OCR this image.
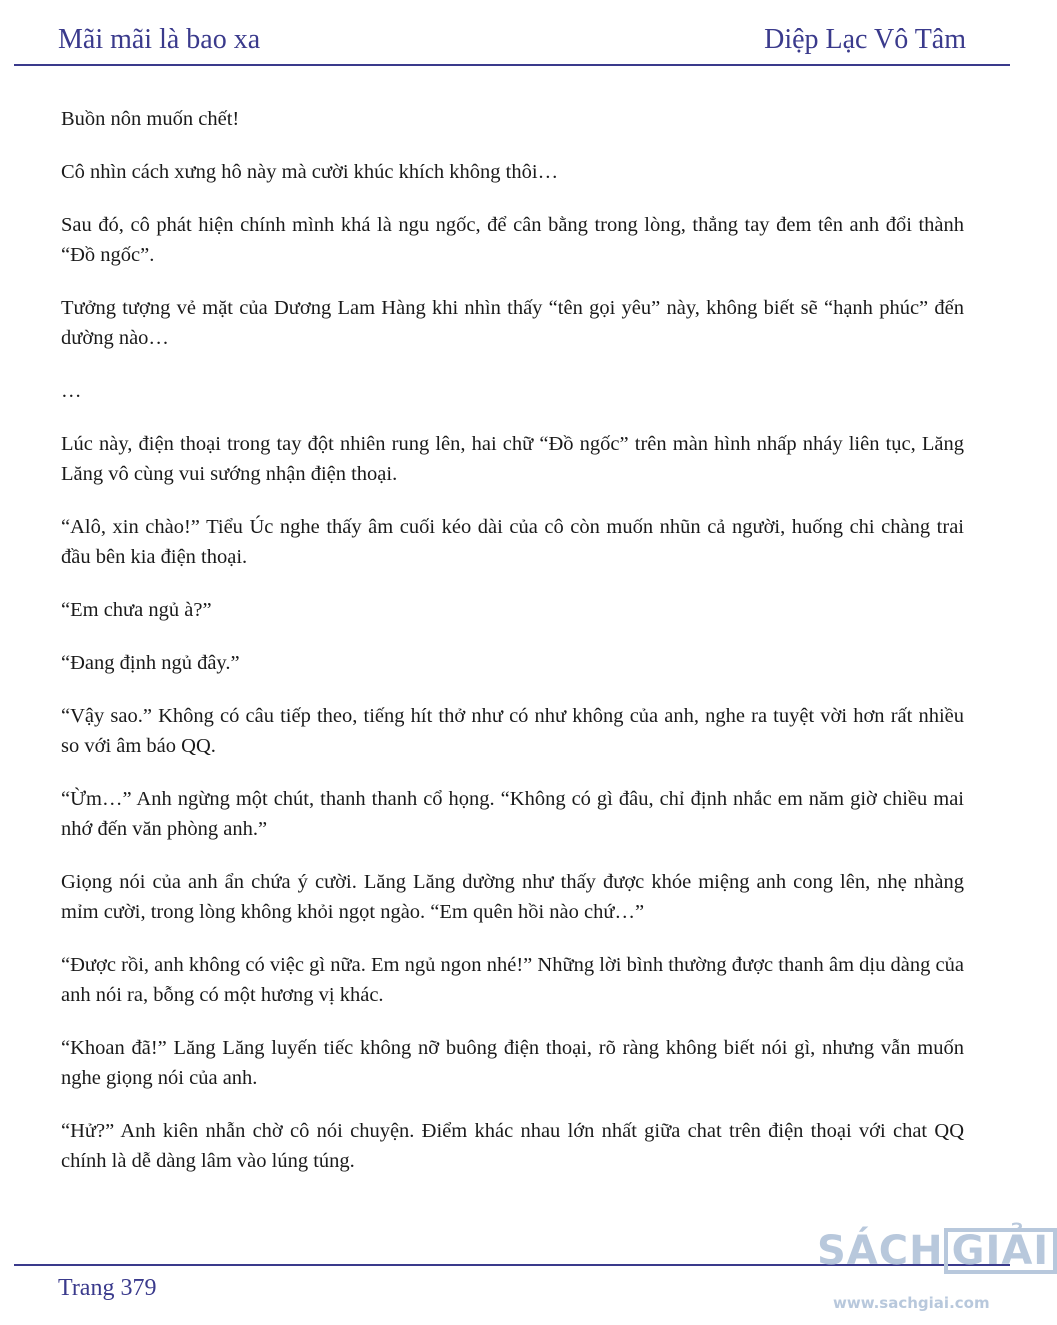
Mãi mãi là bao xa	Diệp Lạc Vô Tâm

Buồn nôn muốn chết!

Cô nhìn cách xưng hô này mà cười khúc khích không thôi…

Sau đó, cô phát hiện chính mình khá là ngu ngốc, để cân bằng trong lòng, thẳng tay đem tên anh đổi thành “Đồ ngốc”.

Tưởng tượng vẻ mặt của Dương Lam Hàng khi nhìn thấy “tên gọi yêu” này, không biết sẽ “hạnh phúc” đến dường nào…

…

Lúc này, điện thoại trong tay đột nhiên rung lên, hai chữ “Đồ ngốc” trên màn hình nhấp nháy liên tục, Lăng Lăng vô cùng vui sướng nhận điện thoại.

“Alô, xin chào!” Tiểu Úc nghe thấy âm cuối kéo dài của cô còn muốn nhũn cả người, huống chi chàng trai đầu bên kia điện thoại.

“Em chưa ngủ à?”

“Đang định ngủ đây.”

“Vậy sao.” Không có câu tiếp theo, tiếng hít thở như có như không của anh, nghe ra tuyệt vời hơn rất nhiều so với âm báo QQ.

“Ừm…” Anh ngừng một chút, thanh thanh cổ họng. “Không có gì đâu, chỉ định nhắc em năm giờ chiều mai nhớ đến văn phòng anh.”

Giọng nói của anh ẩn chứa ý cười. Lăng Lăng dường như thấy được khóe miệng anh cong lên, nhẹ nhàng mỉm cười, trong lòng không khỏi ngọt ngào. “Em quên hồi nào chứ…”

“Được rồi, anh không có việc gì nữa. Em ngủ ngon nhé!” Những lời bình thường được thanh âm dịu dàng của anh nói ra, bỗng có một hương vị khác.

“Khoan đã!” Lăng Lăng luyến tiếc không nỡ buông điện thoại, rõ ràng không biết nói gì, nhưng vẫn muốn nghe giọng nói của anh.

“Hử?” Anh kiên nhẫn chờ cô nói chuyện. Điểm khác nhau lớn nhất giữa chat trên điện thoại với chat QQ chính là dễ dàng lâm vào lúng túng.

Trang 379
SÁCH GIẢI
www.sachgiai.com
